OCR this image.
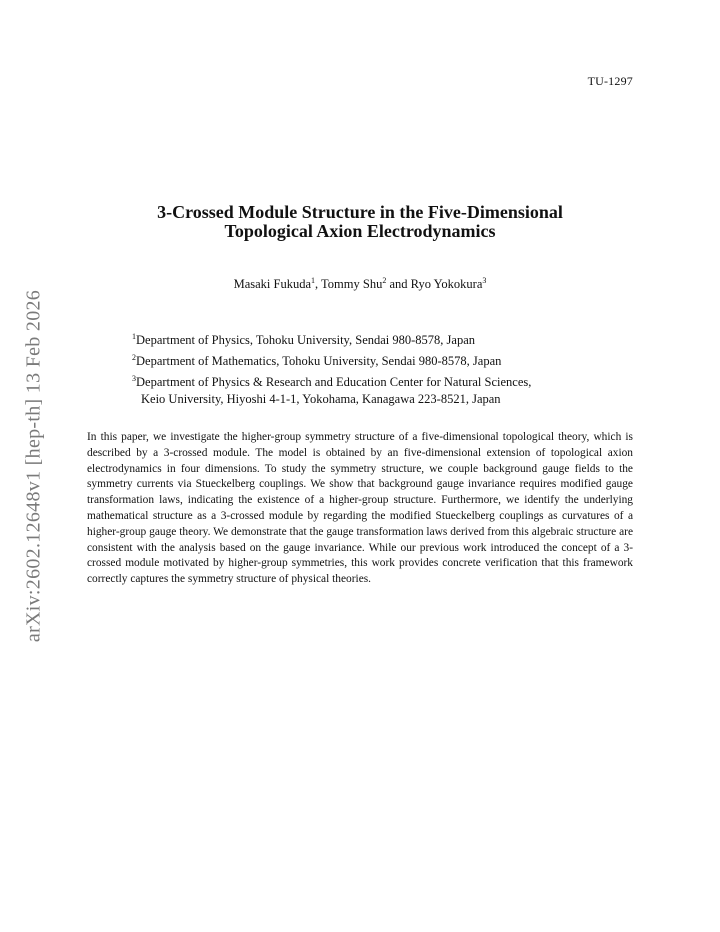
TU-1297
arXiv:2602.12648v1 [hep-th] 13 Feb 2026
3-Crossed Module Structure in the Five-Dimensional
Topological Axion Electrodynamics
Masaki Fukuda$^1$, Tommy Shu$^2$ and Ryo Yokokura$^3$
$^1$Department of Physics, Tohoku University, Sendai 980-8578, Japan
$^2$Department of Mathematics, Tohoku University, Sendai 980-8578, Japan
$^3$Department of Physics & Research and Education Center for Natural Sciences,
Keio University, Hiyoshi 4-1-1, Yokohama, Kanagawa 223-8521, Japan
In this paper, we investigate the higher-group symmetry structure of a five-dimensional topological theory, which is described by a 3-crossed module. The model is obtained by an five-dimensional extension of topological axion electrodynamics in four dimensions. To study the symmetry structure, we couple background gauge fields to the symmetry currents via Stueckelberg couplings. We show that background gauge invariance requires modified gauge transformation laws, indicating the existence of a higher-group structure. Furthermore, we identify the underlying mathematical structure as a 3-crossed module by regarding the modified Stueckelberg couplings as curvatures of a higher-group gauge theory. We demonstrate that the gauge transformation laws derived from this algebraic structure are consistent with the analysis based on the gauge invariance. While our previous work introduced the concept of a 3-crossed module motivated by higher-group symmetries, this work provides concrete verification that this framework correctly captures the symmetry structure of physical theories.
